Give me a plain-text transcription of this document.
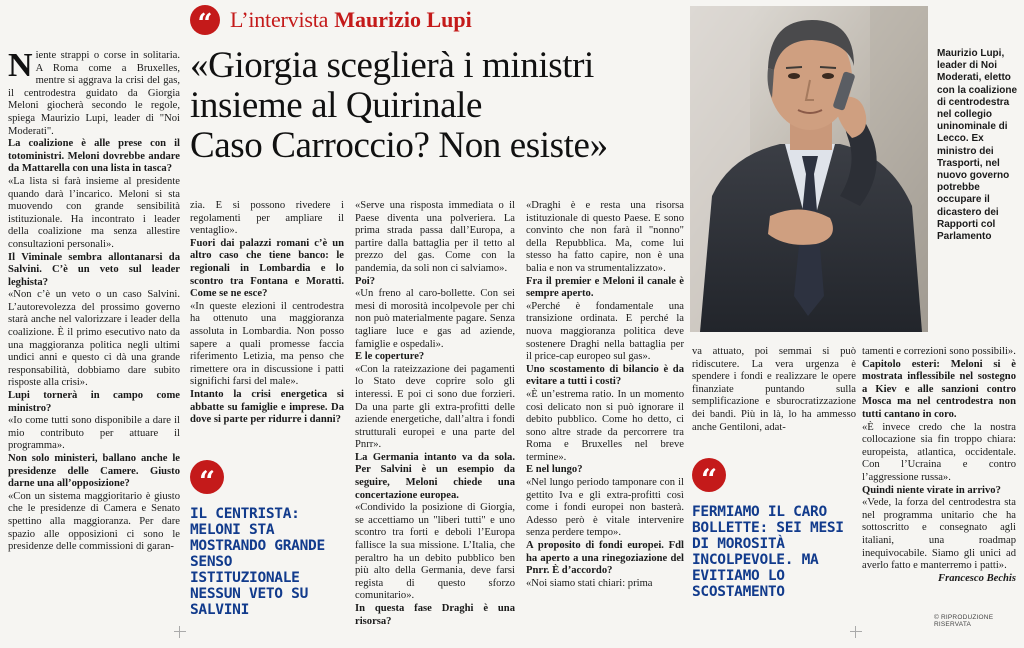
“ L’intervista Maurizio Lupi
«Giorgia sceglierà i ministri
insieme al Quirinale
Caso Carroccio? Non esiste»
Maurizio Lupi, leader di Noi Moderati, eletto con la coalizione di centrodestra nel collegio uninominale di Lecco. Ex ministro dei Trasporti, nel nuovo governo potrebbe occupare il dicastero dei Rapporti col Parlamento

Niente strappi o corse in solitaria. A Roma come a Bruxelles, mentre si aggrava la crisi del gas, il centrodestra guidato da Giorgia Meloni giocherà secondo le regole, spiega Maurizio Lupi, leader di "Noi Moderati".

La coalizione è alle prese con il totoministri. Meloni dovrebbe andare da Mattarella con una lista in tasca?

«La lista si farà insieme al presidente quando darà l’incarico. Meloni si sta muovendo con grande sensibilità istituzionale. Ha incontrato i leader della coalizione ma senza allestire consultazioni personali».

Il Viminale sembra allontanarsi da Salvini. C’è un veto sul leader leghista?

«Non c’è un veto o un caso Salvini. L’autorevolezza del prossimo governo starà anche nel valorizzare i leader della coalizione. È il primo esecutivo nato da una maggioranza politica negli ultimi undici anni e questo ci dà una grande responsabilità, dobbiamo dare subito risposte alla crisi».

Lupi tornerà in campo come ministro?

«Io come tutti sono disponibile a dare il mio contributo per attuare il programma».

Non solo ministeri, ballano anche le presidenze delle Camere. Giusto darne una all’opposizione?

«Con un sistema maggioritario è giusto che le presidenze di Camera e Senato spettino alla maggioranza. Per dare spazio alle opposizioni ci sono le presidenze delle commissioni di garan-

zia. E si possono rivedere i regolamenti per ampliare il ventaglio».

Fuori dai palazzi romani c’è un altro caso che tiene banco: le regionali in Lombardia e lo scontro tra Fontana e Moratti. Come se ne esce?

«In queste elezioni il centrodestra ha ottenuto una maggioranza assoluta in Lombardia. Non posso sapere a quali promesse faccia riferimento Letizia, ma penso che rimettere ora in discussione i patti significhi farsi del male».

Intanto la crisi energetica si abbatte su famiglie e imprese. Da dove si parte per ridurre i danni?

“
IL CENTRISTA: MELONI STA MOSTRANDO GRANDE SENSO ISTITUZIONALE NESSUN VETO SU SALVINI

«Serve una risposta immediata o il Paese diventa una polveriera. La prima strada passa dall’Europa, a partire dalla battaglia per il tetto al prezzo del gas. Come con la pandemia, da soli non ci salviamo».

Poi?

«Un freno al caro-bollette. Con sei mesi di morosità incolpevole per chi non può materialmente pagare. Senza tagliare luce e gas ad aziende, famiglie e ospedali».

E le coperture?

«Con la rateizzazione dei pagamenti lo Stato deve coprire solo gli interessi. E poi ci sono due forzieri. Da una parte gli extra-profitti delle aziende energetiche, dall’altra i fondi strutturali europei e una parte del Pnrr».

La Germania intanto va da sola. Per Salvini è un esempio da seguire, Meloni chiede una concertazione europea.

«Condivido la posizione di Giorgia, se accettiamo un "liberi tutti" e uno scontro tra forti e deboli l’Europa fallisce la sua missione. L’Italia, che peraltro ha un debito pubblico ben più alto della Germania, deve farsi regista di questo sforzo comunitario».

In questa fase Draghi è una risorsa?

«Draghi è e resta una risorsa istituzionale di questo Paese. E sono convinto che non farà il "nonno" della Repubblica. Ma, come lui stesso ha fatto capire, non è una balia e non va strumentalizzato».

Fra il premier e Meloni il canale è sempre aperto.

«Perché è fondamentale una transizione ordinata. E perché la nuova maggioranza politica deve sostenere Draghi nella battaglia per il price-cap europeo sul gas».

Uno scostamento di bilancio è da evitare a tutti i costi?

«È un’estrema ratio. In un momento così delicato non si può ignorare il debito pubblico. Come ho detto, ci sono altre strade da percorrere tra Roma e Bruxelles nel breve termine».

E nel lungo?

«Nel lungo periodo tamponare con il gettito Iva e gli extra-profitti così come i fondi europei non basterà. Adesso però è vitale intervenire senza perdere tempo».

A proposito di fondi europei. Fdl ha aperto a una rinegoziazione del Pnrr. È d’accordo?

«Noi siamo stati chiari: prima

va attuato, poi semmai si può ridiscutere. La vera urgenza è spendere i fondi e realizzare le opere finanziate puntando sulla semplificazione e sburocratizzazione dei bandi. Più in là, lo ha ammesso anche Gentiloni, adat-

“
FERMIAMO IL CARO BOLLETTE: SEI MESI DI MOROSITÀ INCOLPEVOLE. MA EVITIAMO LO SCOSTAMENTO

tamenti e correzioni sono possibili».

Capitolo esteri: Meloni si è mostrata inflessibile nel sostegno a Kiev e alle sanzioni contro Mosca ma nel centrodestra non tutti cantano in coro.

«È invece credo che la nostra collocazione sia fin troppo chiara: europeista, atlantica, occidentale. Con l’Ucraina e contro l’aggressione russa».

Quindi niente virate in arrivo?

«Vede, la forza del centrodestra sta nel programma unitario che ha sottoscritto e consegnato agli italiani, una roadmap inequivocabile. Siamo gli unici ad averlo fatto e manterremo i patti».

Francesco Bechis

© RIPRODUZIONE RISERVATA
